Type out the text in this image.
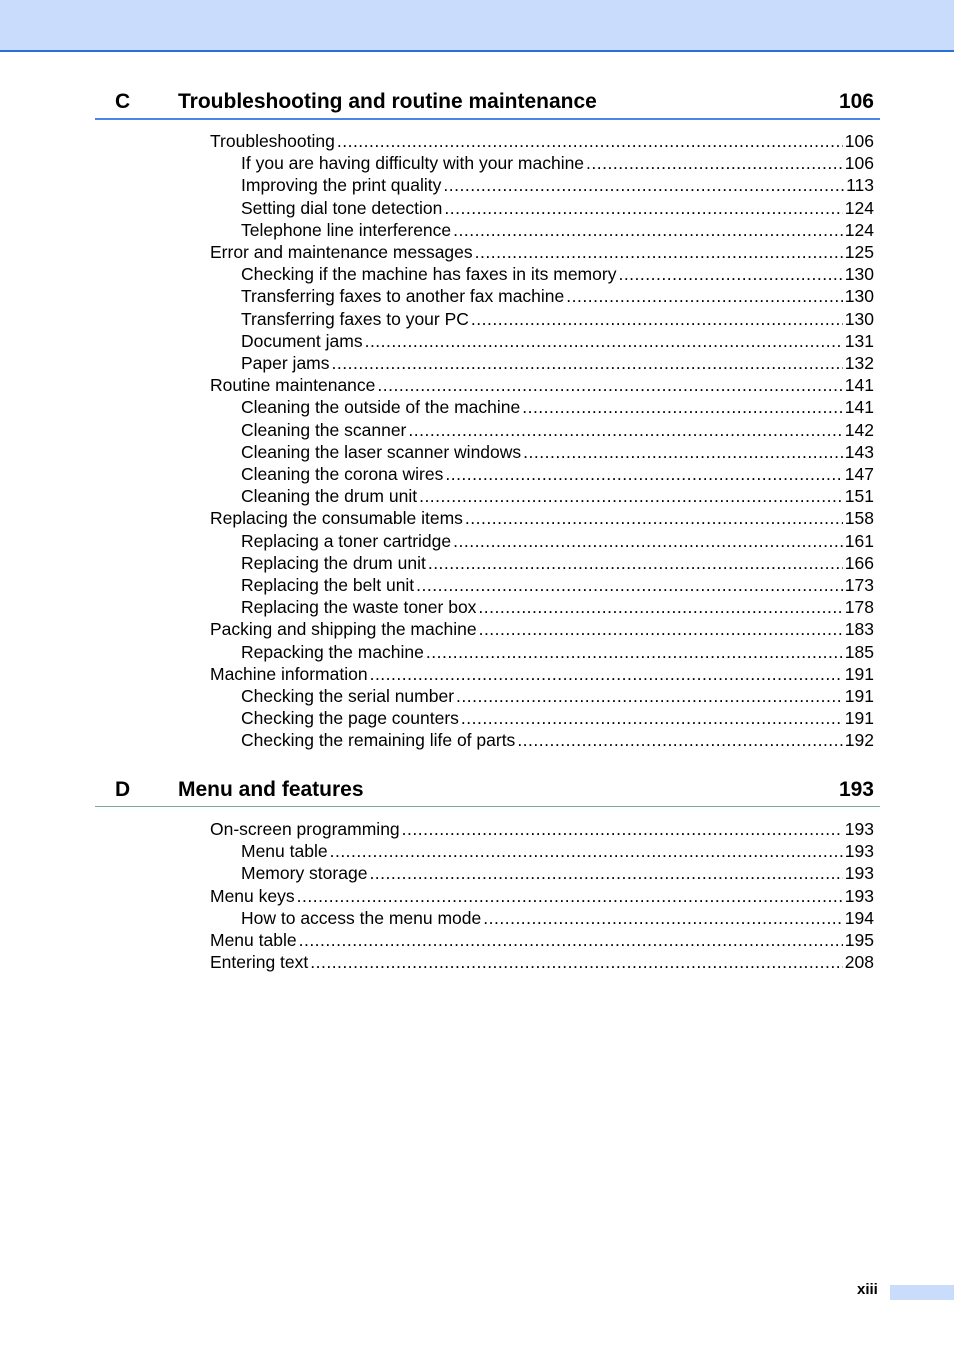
C Troubleshooting and routine maintenance	106
Troubleshooting .....	106
If you are having difficulty with your machine .....	106
Improving the print quality .....	113
Setting dial tone detection .....	124
Telephone line interference .....	124
Error and maintenance messages .....	125
Checking if the machine has faxes in its memory .....	130
Transferring faxes to another fax machine .....	130
Transferring faxes to your PC .....	130
Document jams .....	131
Paper jams .....	132
Routine maintenance .....	141
Cleaning the outside of the machine .....	141
Cleaning the scanner .....	142
Cleaning the laser scanner windows .....	143
Cleaning the corona wires .....	147
Cleaning the drum unit .....	151
Replacing the consumable items .....	158
Replacing a toner cartridge .....	161
Replacing the drum unit .....	166
Replacing the belt unit .....	173
Replacing the waste toner box .....	178
Packing and shipping the machine .....	183
Repacking the machine .....	185
Machine information .....	191
Checking the serial number .....	191
Checking the page counters .....	191
Checking the remaining life of parts .....	192
D Menu and features	193
On-screen programming .....	193
Menu table .....	193
Memory storage .....	193
Menu keys .....	193
How to access the menu mode .....	194
Menu table .....	195
Entering text .....	208
xiii
